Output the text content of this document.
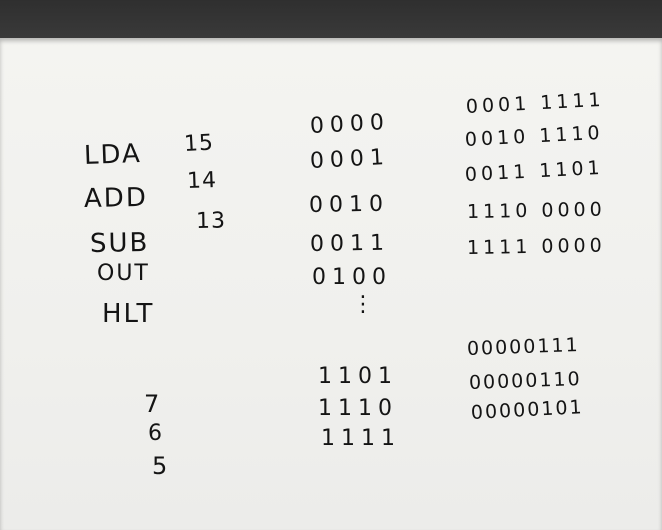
LDA
ADD
SUB
OUT
HLT
15
14
13
7
6
5
0000
0001
0010
0011
0100
⋮
1101
1110
1111
0001 1111
0010 1110
0011 1101
1110 0000
1111 0000
00000111
00000110
00000101
